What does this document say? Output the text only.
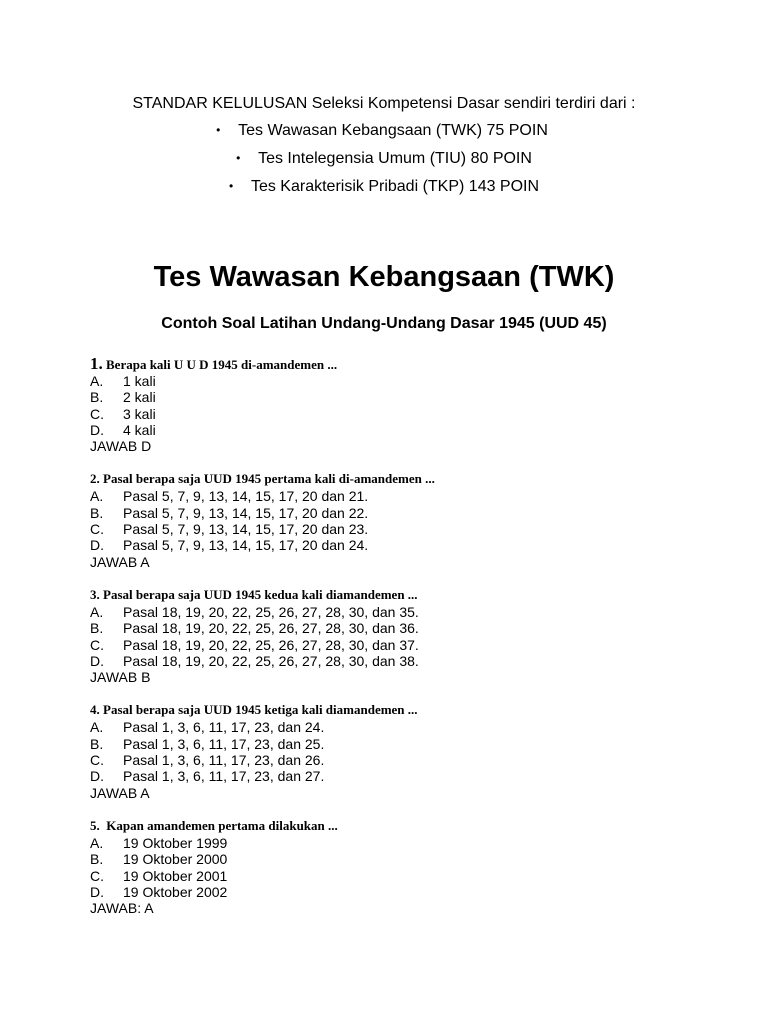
STANDAR KELULUSAN Seleksi Kompetensi Dasar sendiri terdiri dari :
• Tes Wawasan Kebangsaan (TWK) 75 POIN
• Tes Intelegensia Umum (TIU) 80 POIN
• Tes Karakterisik Pribadi (TKP) 143 POIN
Tes Wawasan Kebangsaan (TWK)
Contoh Soal Latihan Undang-Undang Dasar 1945 (UUD 45)
1. Berapa kali U U D 1945 di-amandemen ...
A. 1 kali
B. 2 kali
C. 3 kali
D. 4 kali
JAWAB D
2. Pasal berapa saja UUD 1945 pertama kali di-amandemen ...
A. Pasal 5, 7, 9, 13, 14, 15, 17, 20 dan 21.
B. Pasal 5, 7, 9, 13, 14, 15, 17, 20 dan 22.
C. Pasal 5, 7, 9, 13, 14, 15, 17, 20 dan 23.
D. Pasal 5, 7, 9, 13, 14, 15, 17, 20 dan 24.
JAWAB A
3. Pasal berapa saja UUD 1945 kedua kali diamandemen ...
A. Pasal 18, 19, 20, 22, 25, 26, 27, 28, 30, dan 35.
B. Pasal 18, 19, 20, 22, 25, 26, 27, 28, 30, dan 36.
C. Pasal 18, 19, 20, 22, 25, 26, 27, 28, 30, dan 37.
D. Pasal 18, 19, 20, 22, 25, 26, 27, 28, 30, dan 38.
JAWAB B
4. Pasal berapa saja UUD 1945 ketiga kali diamandemen ...
A. Pasal 1, 3, 6, 11, 17, 23, dan 24.
B. Pasal 1, 3, 6, 11, 17, 23, dan 25.
C. Pasal 1, 3, 6, 11, 17, 23, dan 26.
D. Pasal 1, 3, 6, 11, 17, 23, dan 27.
JAWAB A
5.  Kapan amandemen pertama dilakukan ...
A. 19 Oktober 1999
B. 19 Oktober 2000
C. 19 Oktober 2001
D. 19 Oktober 2002
JAWAB: A
